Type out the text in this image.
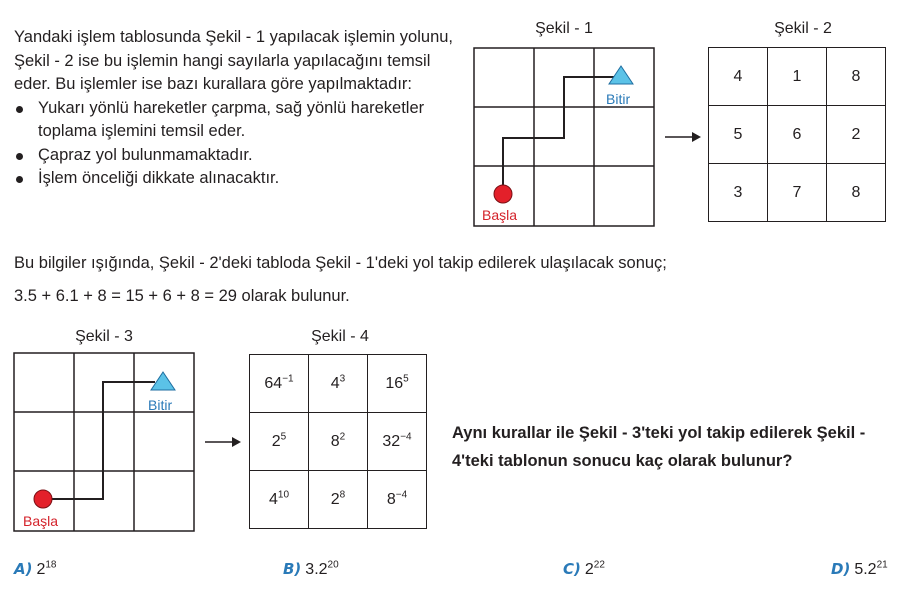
Yandaki işlem tablosunda Şekil - 1 yapılacak işlemin yolunu, Şekil - 2 ise bu işlemin hangi sayılarla yapılacağını temsil eder. Bu işlemler ise bazı kurallara göre yapılmaktadır:

Yukarı yönlü hareketler çarpma, sağ yönlü hareketler toplama işlemini temsil eder.
Çapraz yol bulunmamaktadır.
İşlem önceliği dikkate alınacaktır.
Bu bilgiler ışığında, Şekil - 2'deki tabloda Şekil - 1'deki yol takip edilerek ulaşılacak sonuç;
3.5 + 6.1 + 8 = 15 + 6 + 8 = 29 olarak bulunur.
Şekil - 1
Bitir
Başla
Şekil - 2
4	1	8
5	6	2
3	7	8
Şekil - 3
Bitir
Başla
Şekil - 4
$64^{-1}$	$4^3$	$16^5$
$2^5$	$8^2$	$32^{-4}$
$4^{10}$	$2^8$	$8^{-4}$
Aynı kurallar ile Şekil - 3'teki yol takip edilerek Şekil - 4'teki tablonun sonucu kaç olarak bulunur?
A) $2^{18}$	B) $3.2^{20}$	C) $2^{22}$	D) $5.2^{21}$
